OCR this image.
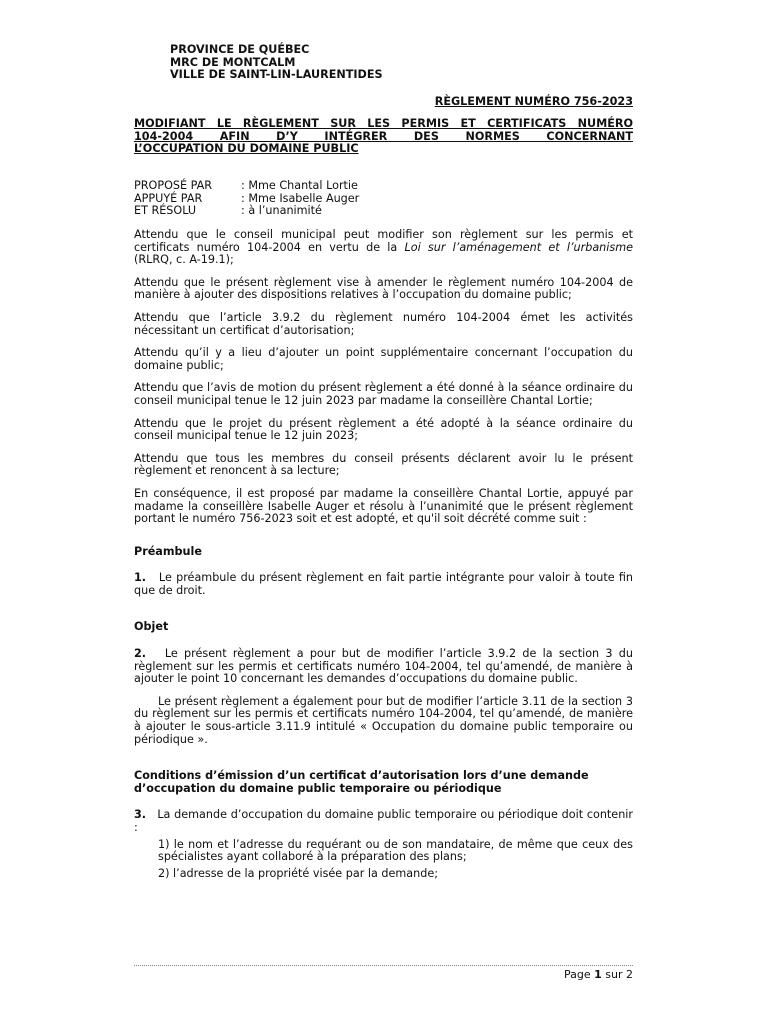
PROVINCE DE QUÉBEC
MRC DE MONTCALM
VILLE DE SAINT-LIN-LAURENTIDES
RÈGLEMENT NUMÉRO 756-2023
MODIFIANT LE RÈGLEMENT SUR LES PERMIS ET CERTIFICATS NUMÉRO
104-2004 AFIN D’Y INTÉGRER DES NORMES CONCERNANT
L’OCCUPATION DU DOMAINE PUBLIC
PROPOSÉ PAR	: Mme Chantal Lortie
APPUYÉ PAR	: Mme Isabelle Auger
ET RÉSOLU	: à l’unanimité

Attendu que le conseil municipal peut modifier son règlement sur les permis et certificats numéro 104-2004 en vertu de la Loi sur l’aménagement et l’urbanisme (RLRQ, c. A-19.1);

Attendu que le présent règlement vise à amender le règlement numéro 104-2004 de manière à ajouter des dispositions relatives à l’occupation du domaine public;

Attendu que l’article 3.9.2 du règlement numéro 104-2004 émet les activités nécessitant un certificat d’autorisation;

Attendu qu’il y a lieu d’ajouter un point supplémentaire concernant l’occupation du domaine public;

Attendu que l’avis de motion du présent règlement a été donné à la séance ordinaire du conseil municipal tenue le 12 juin 2023 par madame la conseillère Chantal Lortie;

Attendu que le projet du présent règlement a été adopté à la séance ordinaire du conseil municipal tenue le 12 juin 2023;

Attendu que tous les membres du conseil présents déclarent avoir lu le présent règlement et renoncent à sa lecture;

En conséquence, il est proposé par madame la conseillère Chantal Lortie, appuyé par madame la conseillère Isabelle Auger et résolu à l’unanimité que le présent règlement portant le numéro 756-2023 soit et est adopté, et qu'il soit décrété comme suit :

Préambule

1. Le préambule du présent règlement en fait partie intégrante pour valoir à toute fin que de droit.

Objet

2. Le présent règlement a pour but de modifier l’article 3.9.2 de la section 3 du règlement sur les permis et certificats numéro 104-2004, tel qu’amendé, de manière à ajouter le point 10 concernant les demandes d’occupations du domaine public.

Le présent règlement a également pour but de modifier l’article 3.11 de la section 3 du règlement sur les permis et certificats numéro 104-2004, tel qu’amendé, de manière à ajouter le sous-article 3.11.9 intitulé « Occupation du domaine public temporaire ou périodique ».

Conditions d’émission d’un certificat d’autorisation lors d’une demande d’occupation du domaine public temporaire ou périodique

3. La demande d’occupation du domaine public temporaire ou périodique doit contenir :

1) le nom et l’adresse du requérant ou de son mandataire, de même que ceux des spécialistes ayant collaboré à la préparation des plans;

2) l’adresse de la propriété visée par la demande;

Page 1 sur 2
